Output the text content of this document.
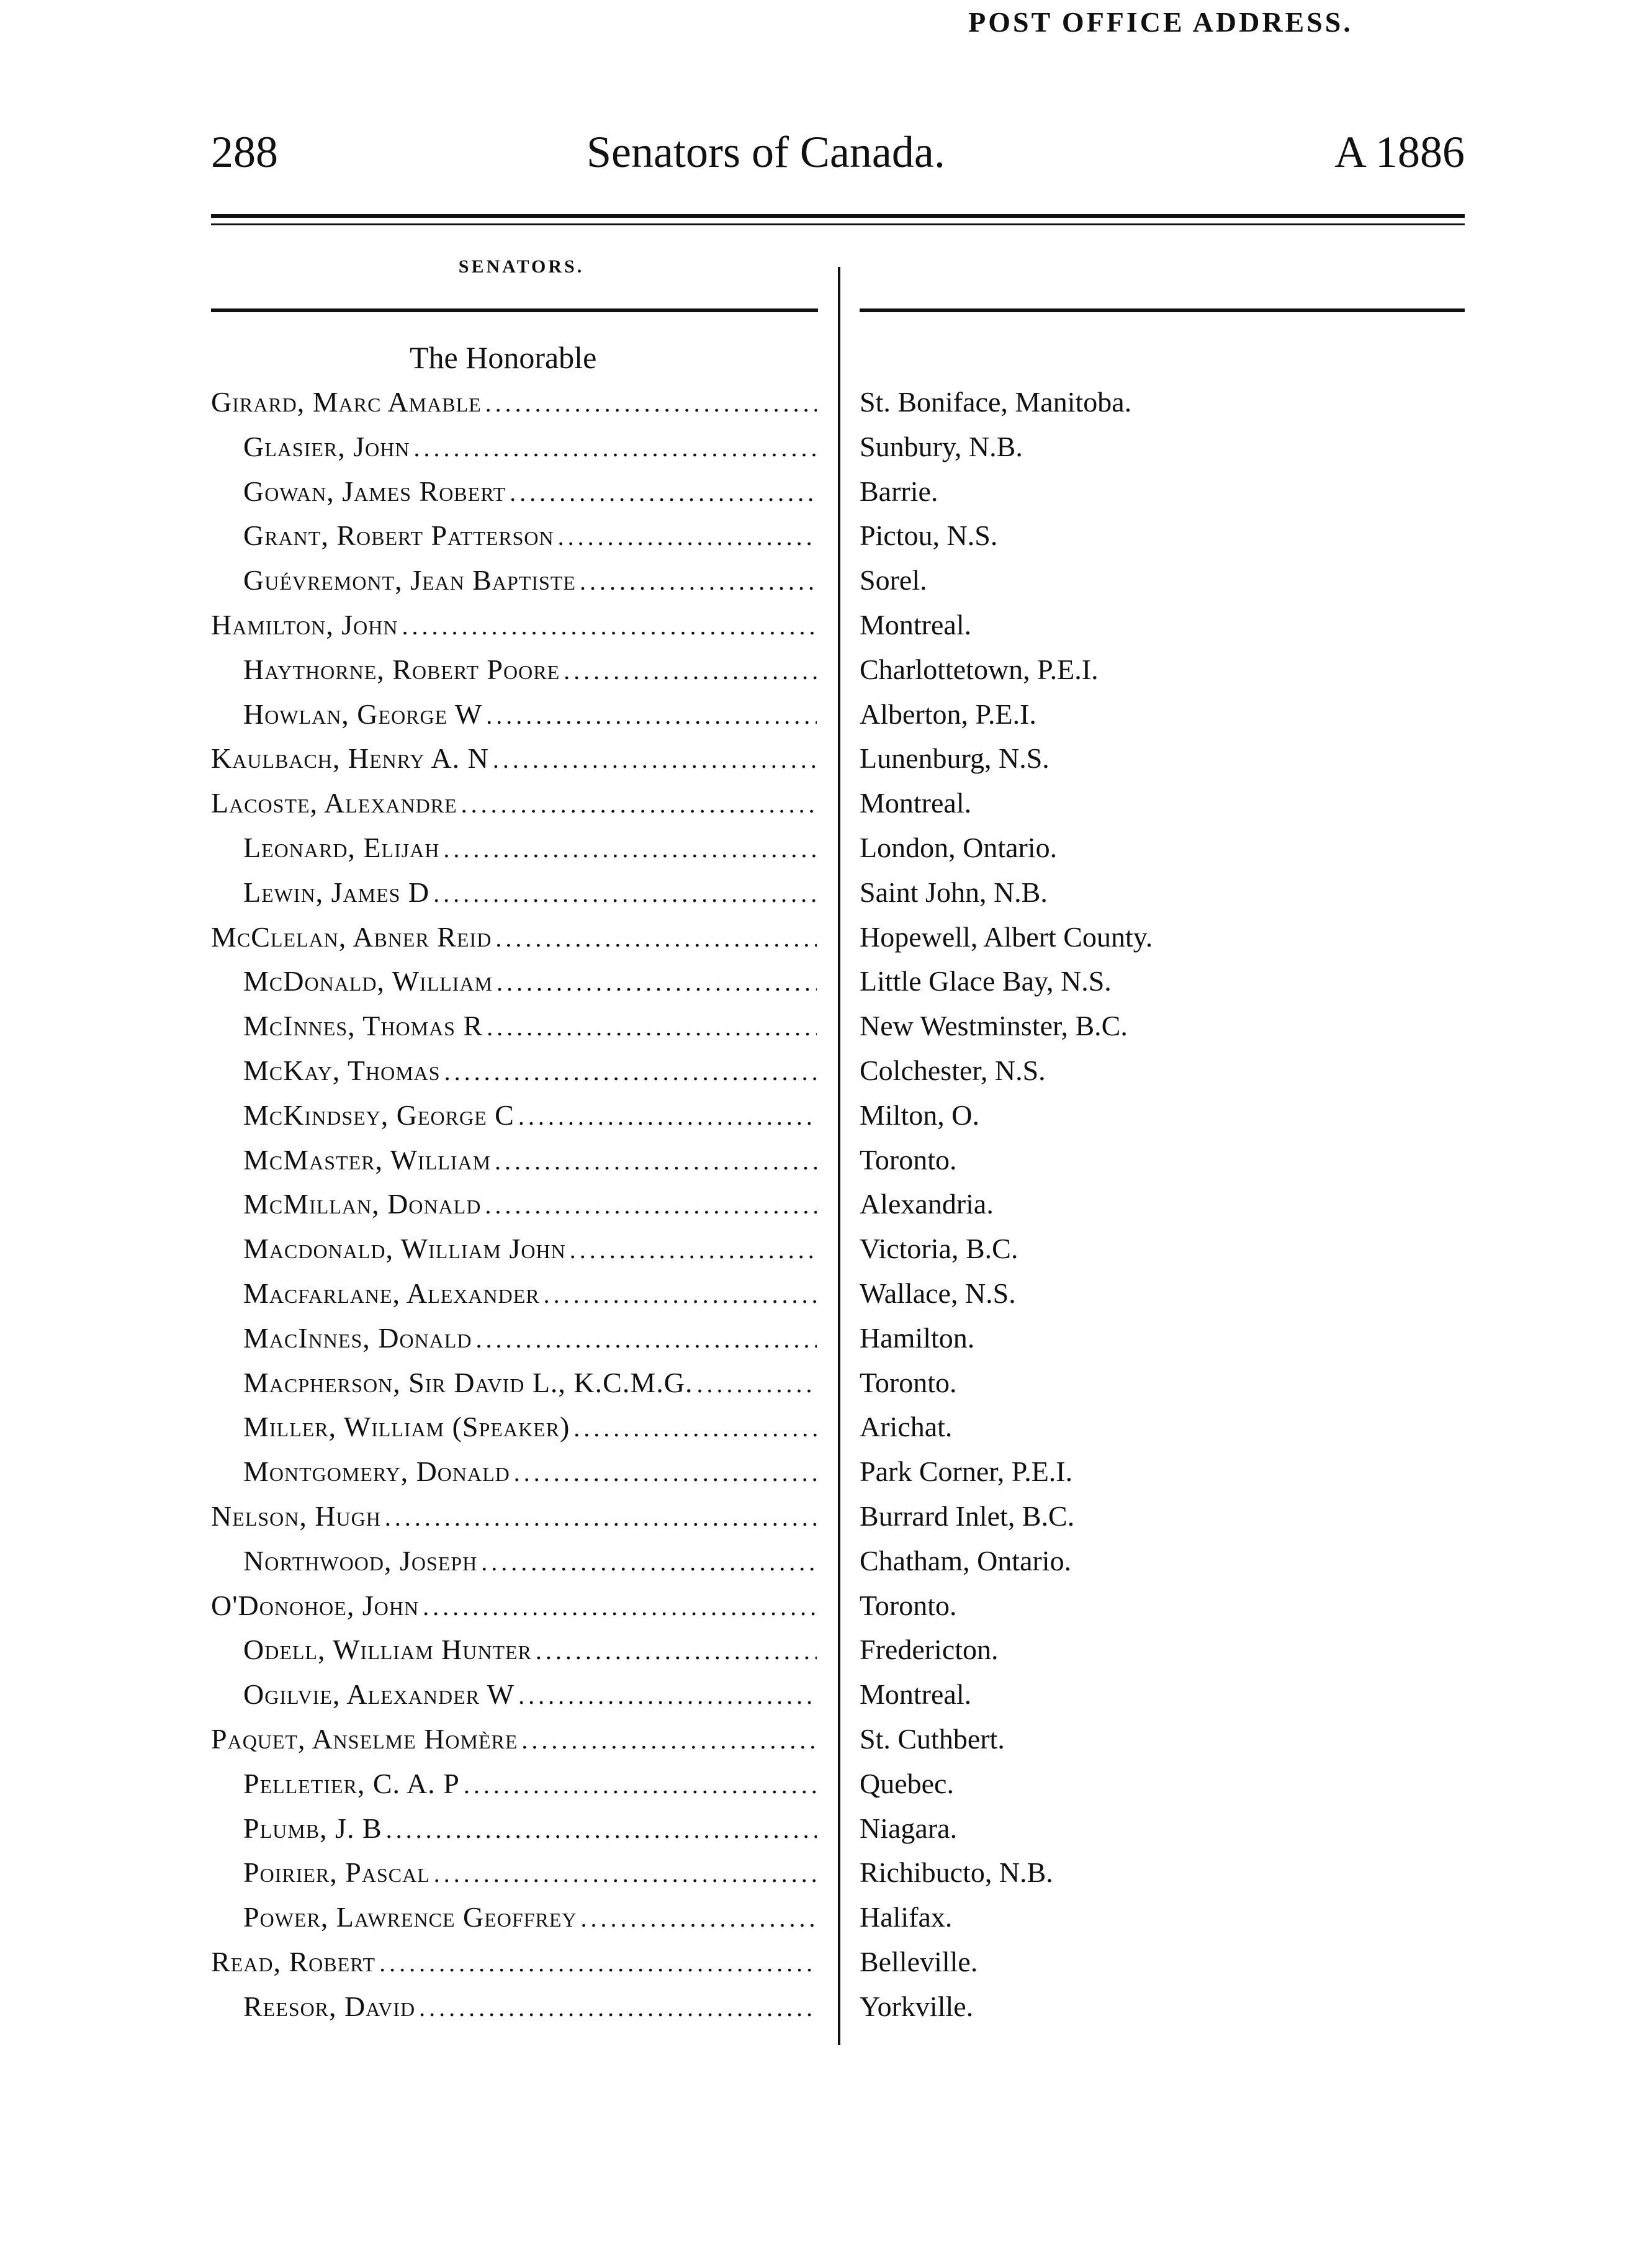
288	Senators of Canada.	A 1886
SENATORS.
POST OFFICE ADDRESS.
The Honorable
Girard, Marc Amable .....	St. Boniface, Manitoba.
Glasier, John .....	Sunbury, N.B.
Gowan, James Robert .....	Barrie.
Grant, Robert Patterson .....	Pictou, N.S.
Guévremont, Jean Baptiste .....	Sorel.
Hamilton, John .....	Montreal.
Haythorne, Robert Poore .....	Charlottetown, P.E.I.
Howlan, George W .....	Alberton, P.E.I.
Kaulbach, Henry A. N .....	Lunenburg, N.S.
Lacoste, Alexandre .....	Montreal.
Leonard, Elijah .....	London, Ontario.
Lewin, James D .....	Saint John, N.B.
McClelan, Abner Reid .....	Hopewell, Albert County.
McDonald, William .....	Little Glace Bay, N.S.
McInnes, Thomas R .....	New Westminster, B.C.
McKay, Thomas .....	Colchester, N.S.
McKindsey, George C .....	Milton, O.
McMaster, William .....	Toronto.
McMillan, Donald .....	Alexandria.
Macdonald, William John .....	Victoria, B.C.
Macfarlane, Alexander .....	Wallace, N.S.
MacInnes, Donald .....	Hamilton.
Macpherson, Sir David L., K.C.M.G. .....	Toronto.
Miller, William (Speaker) .....	Arichat.
Montgomery, Donald .....	Park Corner, P.E.I.
Nelson, Hugh .....	Burrard Inlet, B.C.
Northwood, Joseph .....	Chatham, Ontario.
O'Donohoe, John .....	Toronto.
Odell, William Hunter .....	Fredericton.
Ogilvie, Alexander W .....	Montreal.
Paquet, Anselme Homère .....	St. Cuthbert.
Pelletier, C. A. P .....	Quebec.
Plumb, J. B .....	Niagara.
Poirier, Pascal .....	Richibucto, N.B.
Power, Lawrence Geoffrey .....	Halifax.
Read, Robert .....	Belleville.
Reesor, David .....	Yorkville.
